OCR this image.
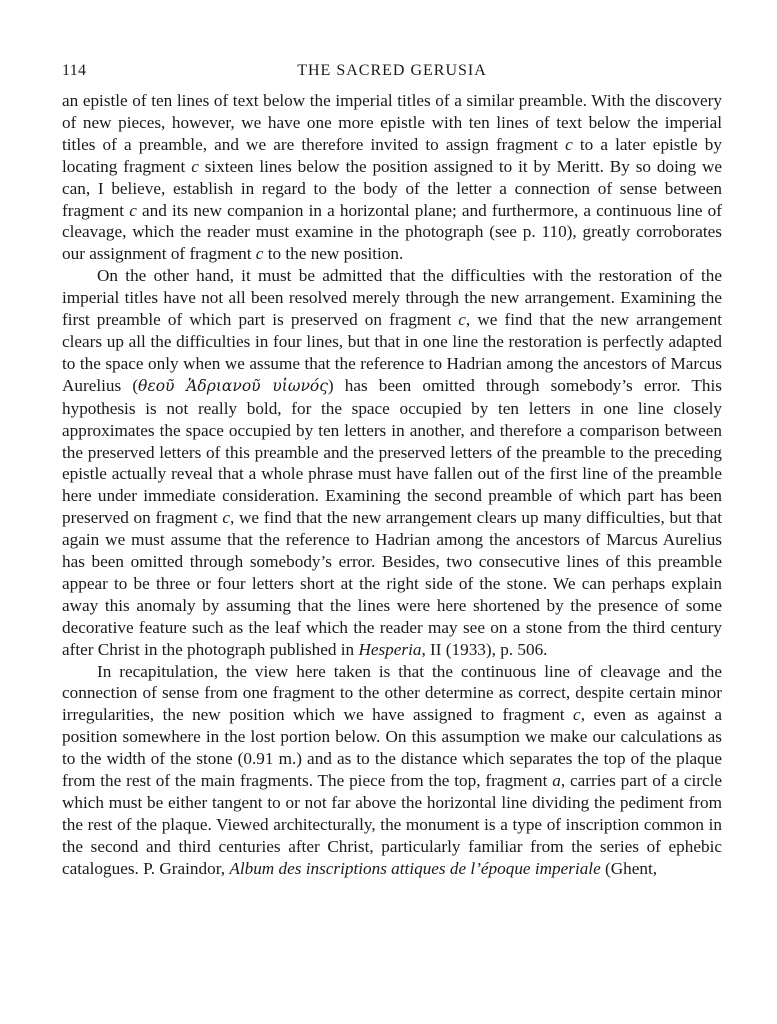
114	THE SACRED GERUSIA

an epistle of ten lines of text below the imperial titles of a similar preamble. With the discovery of new pieces, however, we have one more epistle with ten lines of text below the imperial titles of a preamble, and we are therefore invited to assign fragment c to a later epistle by locating fragment c sixteen lines below the position assigned to it by Meritt. By so doing we can, I believe, establish in regard to the body of the letter a connection of sense between fragment c and its new companion in a horizontal plane; and furthermore, a continuous line of cleavage, which the reader must examine in the photograph (see p. 110), greatly corroborates our assignment of fragment c to the new position.

On the other hand, it must be admitted that the difficulties with the restoration of the imperial titles have not all been resolved merely through the new arrangement. Examining the first preamble of which part is preserved on fragment c, we find that the new arrangement clears up all the difficulties in four lines, but that in one line the restoration is perfectly adapted to the space only when we assume that the reference to Hadrian among the ancestors of Marcus Aurelius (θεοῦ Ἁδριανοῦ υἱωνός) has been omitted through somebody’s error. This hypothesis is not really bold, for the space occupied by ten letters in one line closely approximates the space occupied by ten letters in another, and therefore a comparison between the preserved letters of this preamble and the preserved letters of the preamble to the preceding epistle actually reveal that a whole phrase must have fallen out of the first line of the preamble here under immediate consideration. Examining the second preamble of which part has been preserved on fragment c, we find that the new arrangement clears up many difficulties, but that again we must assume that the reference to Hadrian among the ancestors of Marcus Aurelius has been omitted through somebody’s error. Besides, two consecutive lines of this preamble appear to be three or four letters short at the right side of the stone. We can perhaps explain away this anomaly by assuming that the lines were here shortened by the presence of some decorative feature such as the leaf which the reader may see on a stone from the third century after Christ in the photograph published in Hesperia, II (1933), p. 506.

In recapitulation, the view here taken is that the continuous line of cleavage and the connection of sense from one fragment to the other determine as correct, despite certain minor irregularities, the new position which we have assigned to fragment c, even as against a position somewhere in the lost portion below. On this assumption we make our calculations as to the width of the stone (0.91 m.) and as to the distance which separates the top of the plaque from the rest of the main fragments. The piece from the top, fragment a, carries part of a circle which must be either tangent to or not far above the horizontal line dividing the pediment from the rest of the plaque. Viewed architecturally, the monument is a type of inscription common in the second and third centuries after Christ, particularly familiar from the series of ephebic catalogues. P. Graindor, Album des inscriptions attiques de l’époque imperiale (Ghent,
